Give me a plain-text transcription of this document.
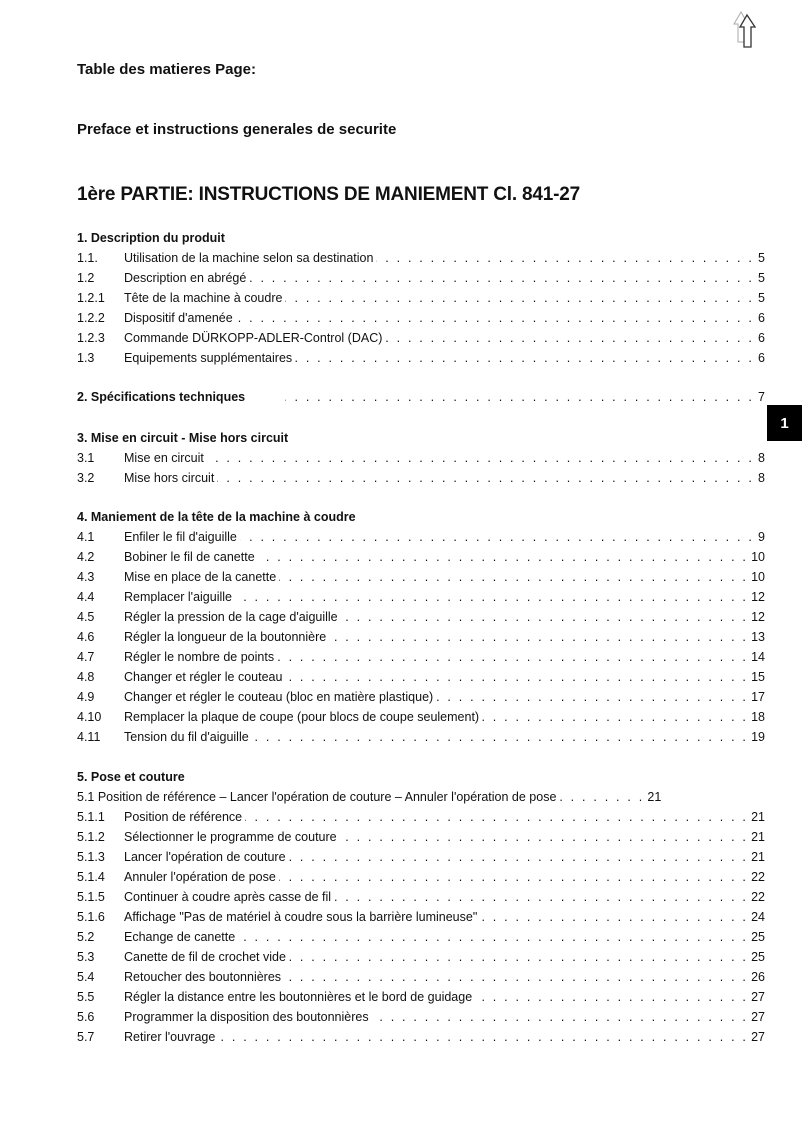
Table des matieres Page:
Preface et instructions generales de securite
1ère PARTIE: INSTRUCTIONS DE MANIEMENT Cl. 841-27
1
1. Description du produit
1.1.	Utilisation de la machine selon sa destination . . .	5
1.2	Description en abrégé . . .	5
1.2.1	Tête de la machine à coudre . . .	5
1.2.2	Dispositif d'amenée . . .	6
1.2.3	Commande DÜRKOPP-ADLER-Control (DAC) . . .	6
1.3	Equipements supplémentaires . . .	6
2. Spécifications techniques . . .	7
3. Mise en circuit - Mise hors circuit
3.1	Mise en circuit . . .	8
3.2	Mise hors circuit . . .	8
4. Maniement de la tête de la machine à coudre
4.1	Enfiler le fil d'aiguille . . .	9
4.2	Bobiner le fil de canette . . .	10
4.3	Mise en place de la canette . . .	10
4.4	Remplacer l'aiguille . . .	12
4.5	Régler la pression de la cage d'aiguille . . .	12
4.6	Régler la longueur de la boutonnière . . .	13
4.7	Régler le nombre de points . . .	14
4.8	Changer et régler le couteau . . .	15
4.9	Changer et régler le couteau (bloc en matière plastique) . . .	17
4.10	Remplacer la plaque de coupe (pour blocs de coupe seulement) . . .	18
4.11	Tension du fil d'aiguille . . .	19
5. Pose et couture
5.1 Position de référence – Lancer l'opération de couture – Annuler l'opération de pose . . .	21
5.1.1	Position de référence . . .	21
5.1.2	Sélectionner le programme de couture . . .	21
5.1.3	Lancer l'opération de couture . . .	21
5.1.4	Annuler l'opération de pose . . .	22
5.1.5	Continuer à coudre après casse de fil . . .	22
5.1.6	Affichage "Pas de matériel à coudre sous la barrière lumineuse" . . .	24
5.2	Echange de canette . . .	25
5.3	Canette de fil de crochet vide . . .	25
5.4	Retoucher des boutonnières . . .	26
5.5	Régler la distance entre les boutonnières et le bord de guidage . . .	27
5.6	Programmer la disposition des boutonnières . . .	27
5.7	Retirer l'ouvrage . . .	27
